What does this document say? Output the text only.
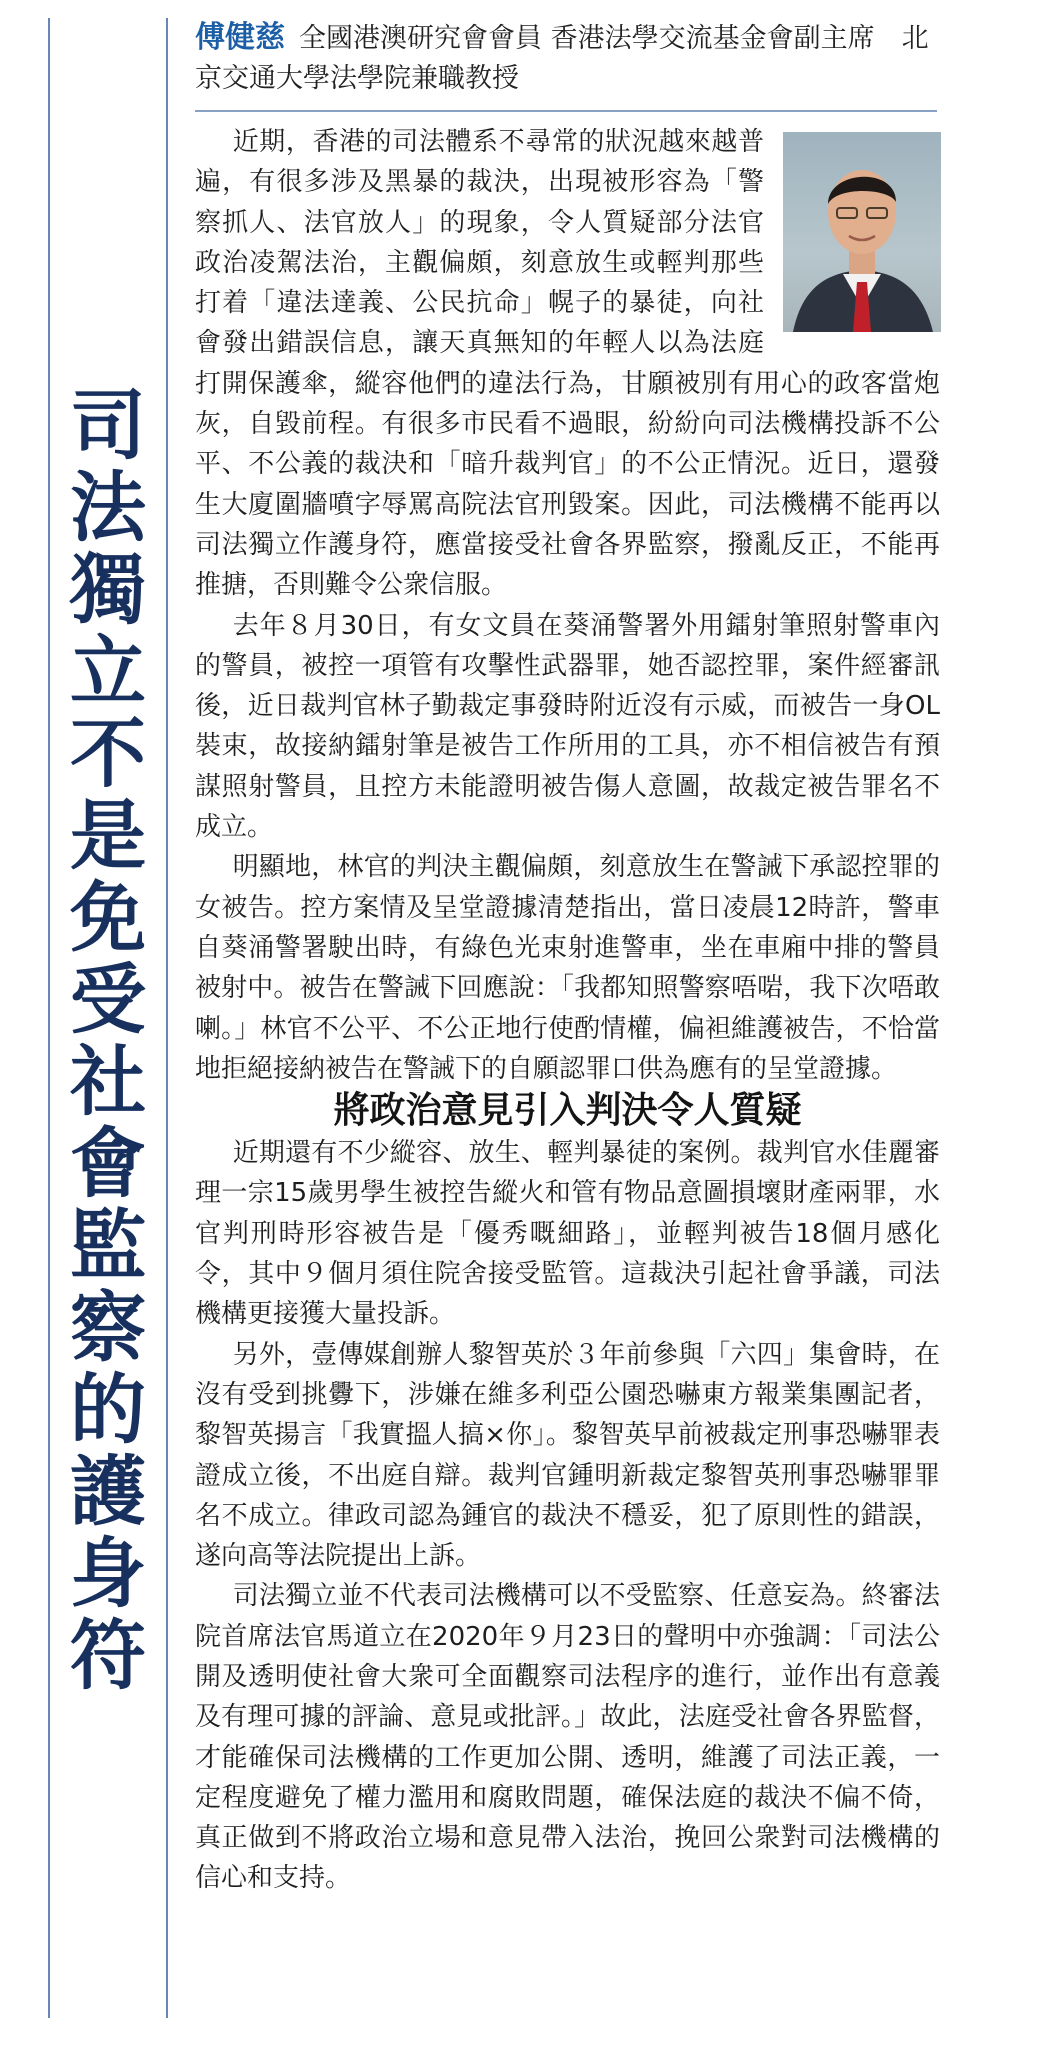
司
法
獨
立
不
是
免
受
社
會
監
察
的
護
身
符
傅健慈 全國港澳研究會會員 香港法學交流基金會副主席　北京交通大學法學院兼職教授

近期，香港的司法體系不尋常的狀況越來越普遍，有很多涉及黑暴的裁決，出現被形容為「警察抓人、法官放人」的現象，令人質疑部分法官政治凌駕法治，主觀偏頗，刻意放生或輕判那些打着「違法達義、公民抗命」幌子的暴徒，向社會發出錯誤信息，讓天真無知的年輕人以為法庭打開保護傘，縱容他們的違法行為，甘願被別有用心的政客當炮灰，自毀前程。有很多市民看不過眼，紛紛向司法機構投訴不公平、不公義的裁決和「暗升裁判官」的不公正情況。近日，還發生大廈圍牆噴字辱罵高院法官刑毀案。因此，司法機構不能再以司法獨立作護身符，應當接受社會各界監察，撥亂反正，不能再推搪，否則難令公衆信服。

去年８月30日，有女文員在葵涌警署外用鐳射筆照射警車內的警員，被控一項管有攻擊性武器罪，她否認控罪，案件經審訊後，近日裁判官林子勤裁定事發時附近沒有示威，而被告一身OL裝束，故接納鐳射筆是被告工作所用的工具，亦不相信被告有預謀照射警員，且控方未能證明被告傷人意圖，故裁定被告罪名不成立。

明顯地，林官的判決主觀偏頗，刻意放生在警誡下承認控罪的女被告。控方案情及呈堂證據清楚指出，當日凌晨12時許，警車自葵涌警署駛出時，有綠色光束射進警車，坐在車廂中排的警員被射中。被告在警誡下回應說：「我都知照警察唔啱，我下次唔敢喇。」林官不公平、不公正地行使酌情權，偏袒維護被告，不恰當地拒絕接納被告在警誡下的自願認罪口供為應有的呈堂證據。

將政治意見引入判決令人質疑

近期還有不少縱容、放生、輕判暴徒的案例。裁判官水佳麗審理一宗15歲男學生被控告縱火和管有物品意圖損壞財產兩罪，水官判刑時形容被告是「優秀嘅細路」，並輕判被告18個月感化令，其中９個月須住院舍接受監管。這裁決引起社會爭議，司法機構更接獲大量投訴。

另外，壹傳媒創辦人黎智英於３年前參與「六四」集會時，在沒有受到挑釁下，涉嫌在維多利亞公園恐嚇東方報業集團記者，黎智英揚言「我實搵人搞×你」。黎智英早前被裁定刑事恐嚇罪表證成立後，不出庭自辯。裁判官鍾明新裁定黎智英刑事恐嚇罪罪名不成立。律政司認為鍾官的裁決不穩妥，犯了原則性的錯誤，遂向高等法院提出上訴。

司法獨立並不代表司法機構可以不受監察、任意妄為。終審法院首席法官馬道立在2020年９月23日的聲明中亦強調：「司法公開及透明使社會大衆可全面觀察司法程序的進行，並作出有意義及有理可據的評論、意見或批評。」故此，法庭受社會各界監督，才能確保司法機構的工作更加公開、透明，維護了司法正義，一定程度避免了權力濫用和腐敗問題，確保法庭的裁決不偏不倚，真正做到不將政治立場和意見帶入法治，挽回公衆對司法機構的信心和支持。
